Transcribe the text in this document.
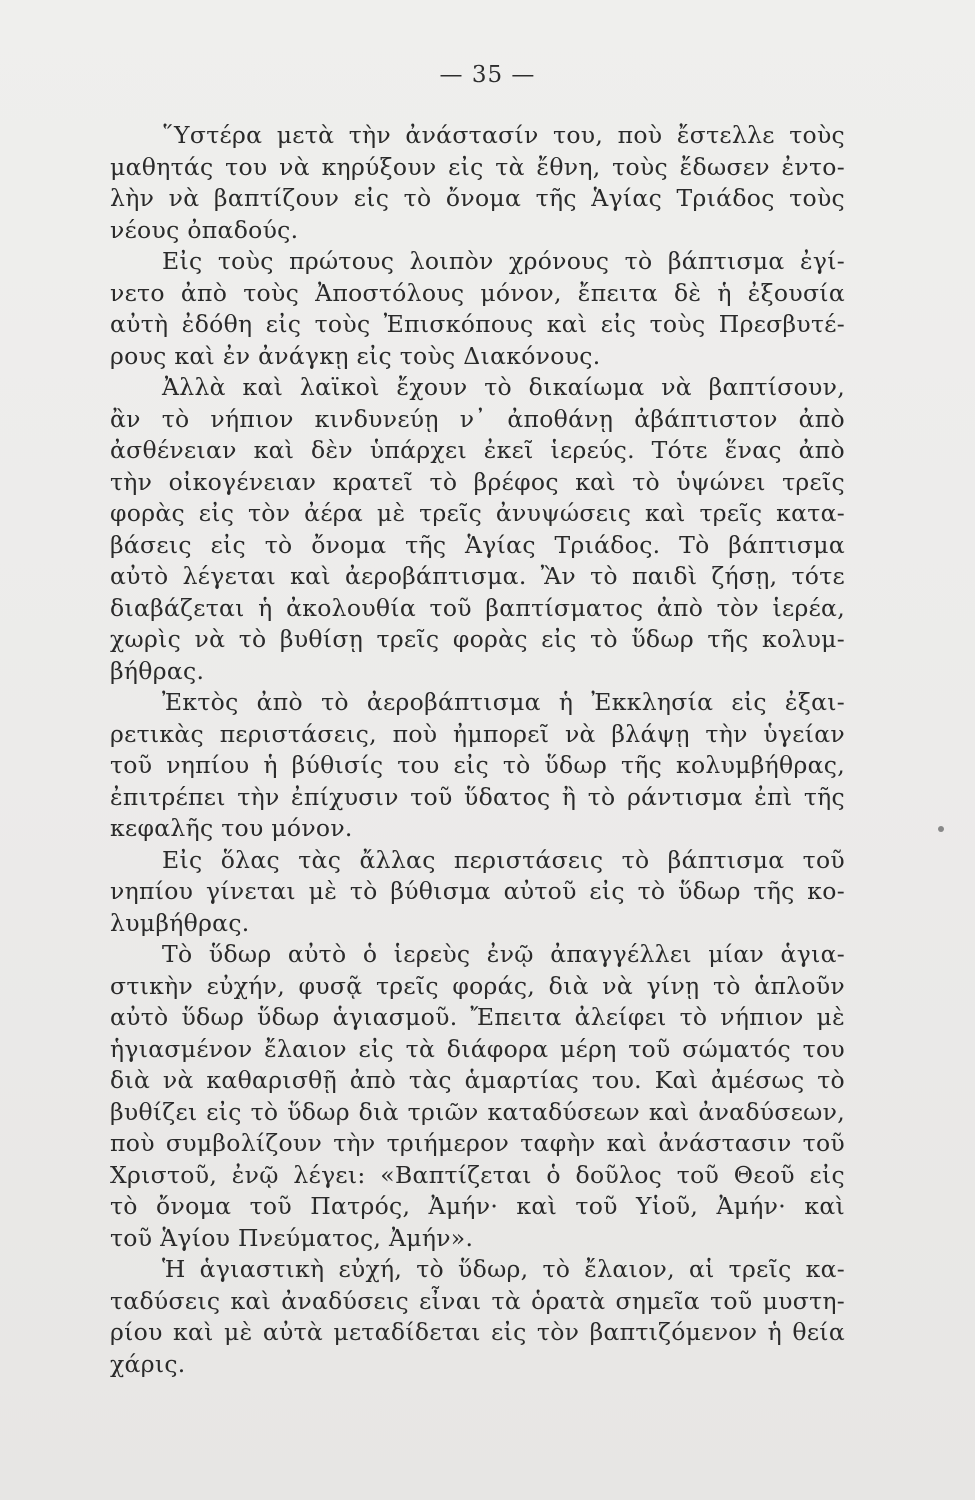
— 35 —
῞Υστέρα μετὰ τὴν ἀνάστασίν του, ποὺ ἔστελλε τοὺς
μαθητάς του νὰ κηρύξουν εἰς τὰ ἔθνη, τοὺς ἔδωσεν ἐντο-
λὴν νὰ βαπτίζουν εἰς τὸ ὄνομα τῆς Ἁγίας Τριάδος τοὺς
νέους ὀπαδούς.
Εἰς τοὺς πρώτους λοιπὸν χρόνους τὸ βάπτισμα ἐγί-
νετο ἀπὸ τοὺς Ἀποστόλους μόνον, ἔπειτα δὲ ἡ ἐξουσία
αὐτὴ ἐδόθη εἰς τοὺς Ἐπισκόπους καὶ εἰς τοὺς Πρεσβυτέ-
ρους καὶ ἐν ἀνάγκῃ εἰς τοὺς Διακόνους.
Ἀλλὰ καὶ λαϊκοὶ ἔχουν τὸ δικαίωμα νὰ βαπτίσουν,
ἂν τὸ νήπιον κινδυνεύῃ ν᾽ ἀποθάνῃ ἀβάπτιστον ἀπὸ
ἀσθένειαν καὶ δὲν ὑπάρχει ἐκεῖ ἱερεύς. Τότε ἕνας ἀπὸ
τὴν οἰκογένειαν κρατεῖ τὸ βρέφος καὶ τὸ ὑψώνει τρεῖς
φορὰς εἰς τὸν ἀέρα μὲ τρεῖς ἀνυψώσεις καὶ τρεῖς κατα-
βάσεις εἰς τὸ ὄνομα τῆς Ἁγίας Τριάδος. Τὸ βάπτισμα
αὐτὸ λέγεται καὶ ἀεροβάπτισμα. Ἂν τὸ παιδὶ ζήσῃ, τότε
διαβάζεται ἡ ἀκολουθία τοῦ βαπτίσματος ἀπὸ τὸν ἱερέα,
χωρὶς νὰ τὸ βυθίσῃ τρεῖς φορὰς εἰς τὸ ὕδωρ τῆς κολυμ-
βήθρας.
Ἐκτὸς ἀπὸ τὸ ἀεροβάπτισμα ἡ Ἐκκλησία εἰς ἐξαι-
ρετικὰς περιστάσεις, ποὺ ἠμπορεῖ νὰ βλάψῃ τὴν ὑγείαν
τοῦ νηπίου ἡ βύθισίς του εἰς τὸ ὕδωρ τῆς κολυμβήθρας,
ἐπιτρέπει τὴν ἐπίχυσιν τοῦ ὕδατος ἢ τὸ ράντισμα ἐπὶ τῆς
κεφαλῆς του μόνον.
Εἰς ὅλας τὰς ἄλλας περιστάσεις τὸ βάπτισμα τοῦ
νηπίου γίνεται μὲ τὸ βύθισμα αὐτοῦ εἰς τὸ ὕδωρ τῆς κο-
λυμβήθρας.
Τὸ ὕδωρ αὐτὸ ὁ ἱερεὺς ἐνῷ ἀπαγγέλλει μίαν ἁγια-
στικὴν εὐχήν, φυσᾷ τρεῖς φοράς, διὰ νὰ γίνῃ τὸ ἁπλοῦν
αὐτὸ ὕδωρ ὕδωρ ἁγιασμοῦ. Ἔπειτα ἀλείφει τὸ νήπιον μὲ
ἡγιασμένον ἔλαιον εἰς τὰ διάφορα μέρη τοῦ σώματός του
διὰ νὰ καθαρισθῇ ἀπὸ τὰς ἁμαρτίας του. Καὶ ἀμέσως τὸ
βυθίζει εἰς τὸ ὕδωρ διὰ τριῶν καταδύσεων καὶ ἀναδύσεων,
ποὺ συμβολίζουν τὴν τριήμερον ταφὴν καὶ ἀνάστασιν τοῦ
Χριστοῦ, ἐνῷ λέγει: «Βαπτίζεται ὁ δοῦλος τοῦ Θεοῦ εἰς
τὸ ὄνομα τοῦ Πατρός, Ἀμήν· καὶ τοῦ Υἱοῦ, Ἀμήν· καὶ
τοῦ Ἁγίου Πνεύματος, Ἀμήν».
Ἡ ἁγιαστικὴ εὐχή, τὸ ὕδωρ, τὸ ἔλαιον, αἱ τρεῖς κα-
ταδύσεις καὶ ἀναδύσεις εἶναι τὰ ὁρατὰ σημεῖα τοῦ μυστη-
ρίου καὶ μὲ αὐτὰ μεταδίδεται εἰς τὸν βαπτιζόμενον ἡ θεία
χάρις.
